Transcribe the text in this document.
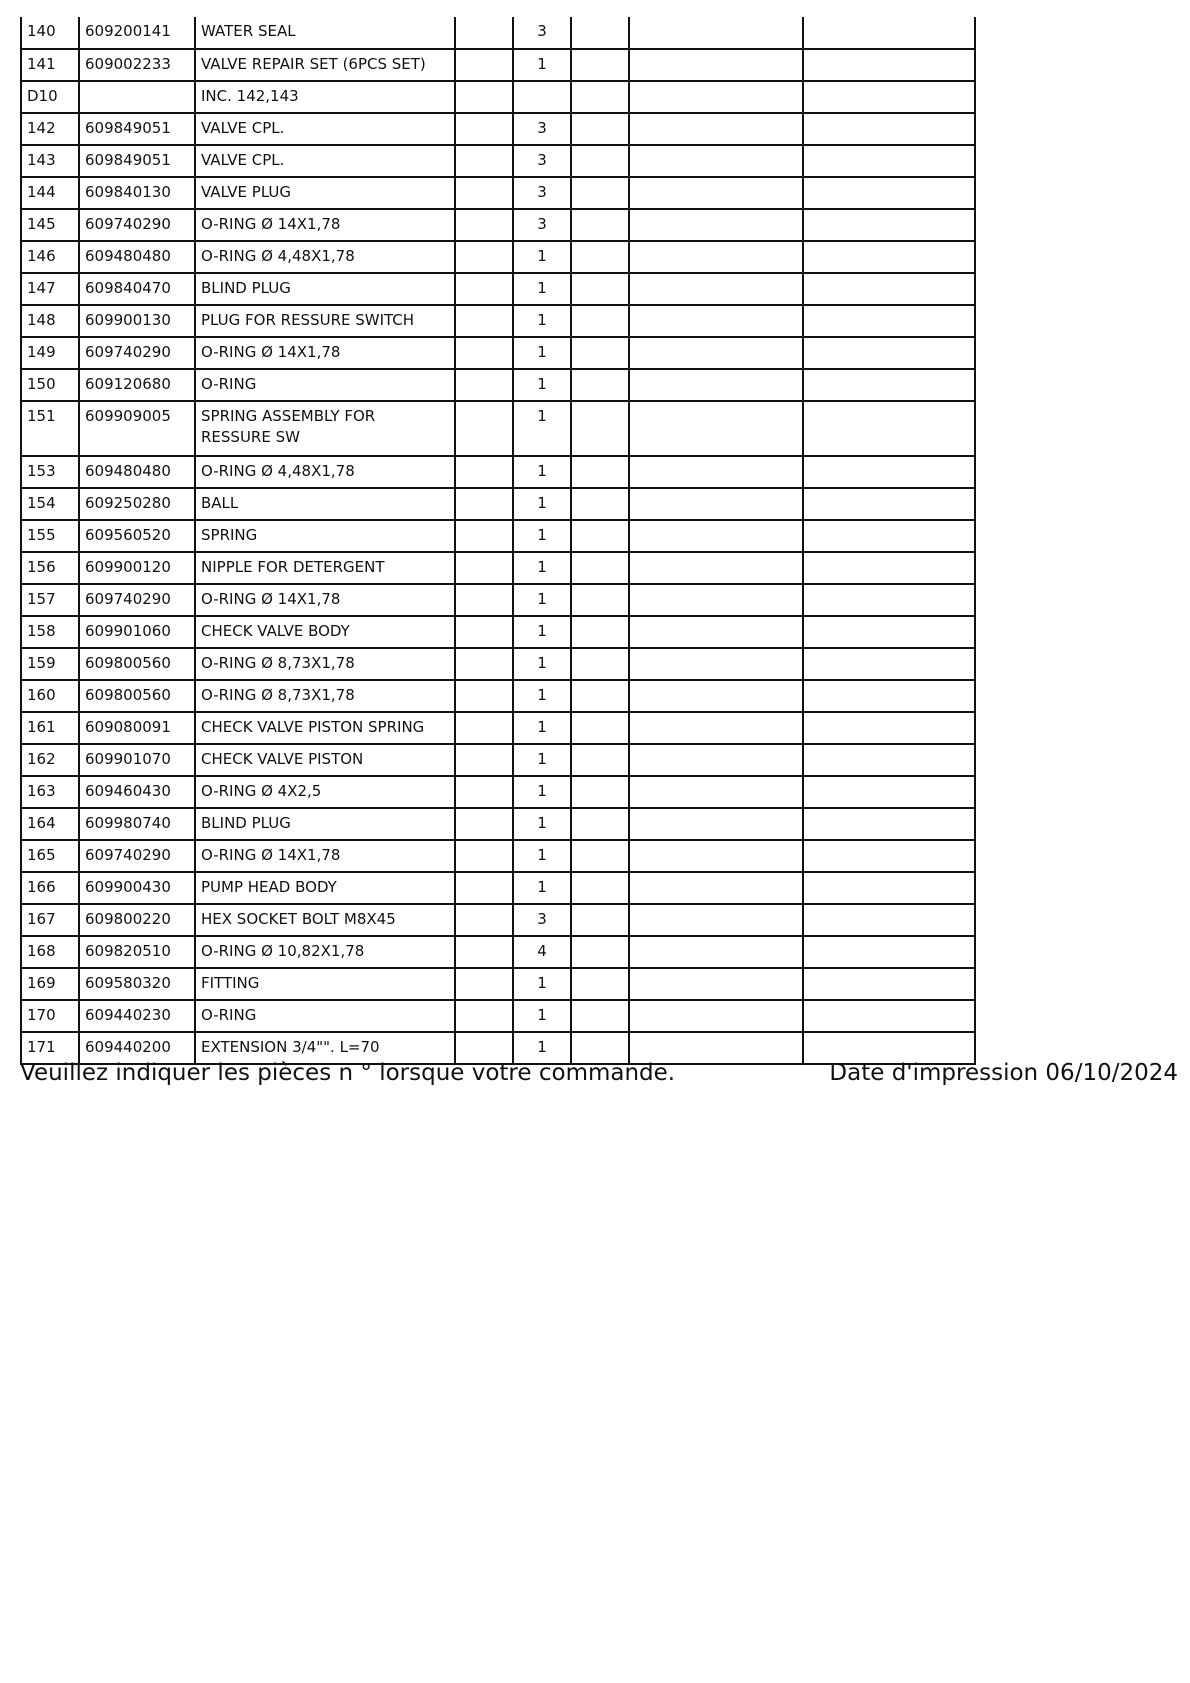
140	609200141	WATER SEAL		3			

141	609002233	VALVE REPAIR SET (6PCS SET)		1			

D10		INC. 142,143					

142	609849051	VALVE CPL.		3			

143	609849051	VALVE CPL.		3			

144	609840130	VALVE PLUG		3			

145	609740290	O-RING Ø 14X1,78		3			

146	609480480	O-RING Ø 4,48X1,78		1			

147	609840470	BLIND PLUG		1			

148	609900130	PLUG FOR RESSURE SWITCH		1			

149	609740290	O-RING Ø 14X1,78		1			

150	609120680	O-RING		1			

151	609909005	SPRING ASSEMBLY FOR RESSURE SW		1			

153	609480480	O-RING Ø 4,48X1,78		1			

154	609250280	BALL		1			

155	609560520	SPRING		1			

156	609900120	NIPPLE FOR DETERGENT		1			

157	609740290	O-RING Ø 14X1,78		1			

158	609901060	CHECK VALVE BODY		1			

159	609800560	O-RING Ø 8,73X1,78		1			

160	609800560	O-RING Ø 8,73X1,78		1			

161	609080091	CHECK VALVE PISTON SPRING		1			

162	609901070	CHECK VALVE PISTON		1			

163	609460430	O-RING Ø 4X2,5		1			

164	609980740	BLIND PLUG		1			

165	609740290	O-RING Ø 14X1,78		1			

166	609900430	PUMP HEAD BODY		1			

167	609800220	HEX SOCKET BOLT M8X45		3			

168	609820510	O-RING Ø 10,82X1,78		4			

169	609580320	FITTING		1			

170	609440230	O-RING		1			

171	609440200	EXTENSION 3/4"". L=70		1			

Veuillez indiquer les pièces n ° lorsque votre commande.	Date d'impression 06/10/2024
